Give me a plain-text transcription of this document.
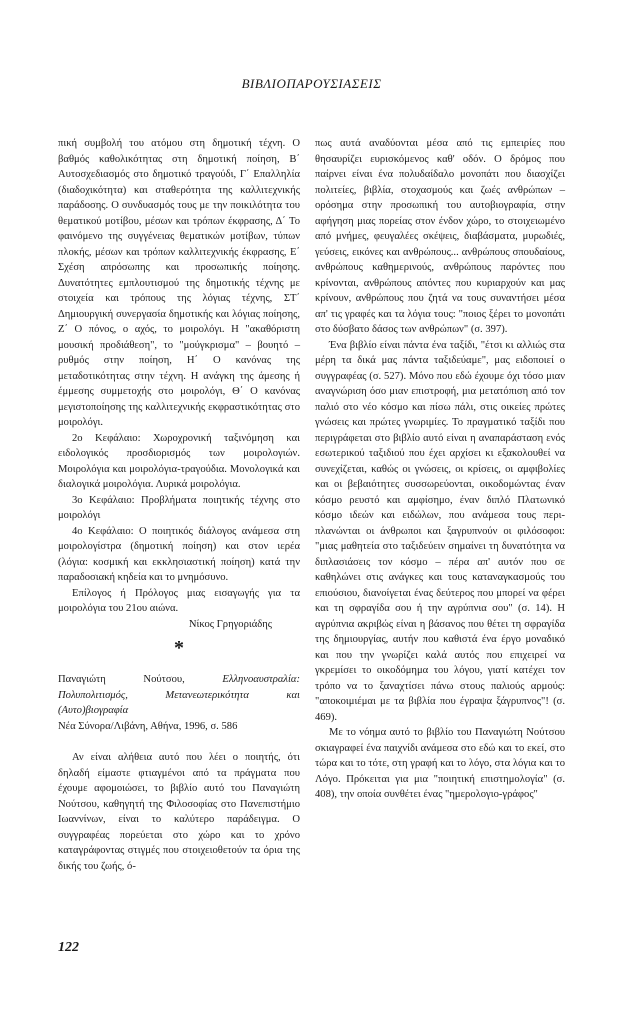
ΒΙΒΛΙΟΠΑΡΟΥΣΙΑΣΕΙΣ

πική συμβολή του ατόμου στη δημοτική τέχνη. Ο βαθμός καθολικότητας στη δημοτική ποίηση, Β΄ Αυτοσχεδιασμός στο δημοτικό τραγούδι, Γ΄ Επαλληλία (διαδοχικότητα) και σταθερότητα της καλλιτεχνικής παράδοσης. Ο συνδυασμός τους με την ποικιλότητα του θεματικού μοτίβου, μέσων και τρόπων έκφρασης, Δ΄ Το φαινόμενο της συγγένειας θεματικών μοτίβων, τύπων πλοκής, μέσων και τρόπων καλλιτεχνικής έκφρασης, Ε΄ Σχέση απρόσωπης και προσωπικής ποίησης. Δυνατότητες εμπλουτισμού της δημοτικής τέχνης με στοιχεία και τρόπους της λόγιας τέχνης, ΣΤ΄ Δημιουργική συνεργασία δημοτικής και λόγιας ποίησης, Ζ΄ Ο πόνος, ο αχός, το μοιρολόγι. Η "ακαθόριστη μουσική προδιάθεση", το "μούγκρισμα" – βουητό – ρυθμός στην ποίηση, Η΄ Ο κανόνας της μεταδοτικότητας στην τέχνη. Η ανάγκη της άμεσης ή έμμεσης συμμετοχής στο μοιρολόγι, Θ΄ Ο κανόνας μεγιστοποίησης της καλλιτεχνικής εκφραστικότητας στο μοιρολόγι.

2ο Κεφάλαιο: Χωροχρονική ταξινόμηση και ειδολογικός προσδιορισμός των μοιρολογιών. Μοιρολόγια και μοιρολόγια-τραγούδια. Μονολογικά και διαλογικά μοιρολόγια. Λυρικά μοιρολόγια.

3ο Κεφάλαιο: Προβλήματα ποιητικής τέχνης στο μοιρολόγι

4ο Κεφάλαιο: Ο ποιητικός διάλογος ανάμεσα στη μοιρολογίστρα (δημοτική ποίηση) και στον ιερέα (λόγια: κοσμική και εκκλησιαστική ποίηση) κατά την παραδοσιακή κηδεία και το μνημόσυνο.

Επίλογος ή Πρόλογος μιας εισαγωγής για τα μοιρολόγια του 21ου αιώνα.

Νίκος Γρηγοριάδης

*
Παναγιώτη Νούτσου, Ελληνοαυστραλία: Πολυπολιτισμός, Μετανεωτερικότητα και (Αυτο)βιογραφία
Νέα Σύνορα/Λιβάνη, Αθήνα, 1996, σ. 586

Αν είναι αλήθεια αυτό που λέει ο ποιητής, ότι δηλαδή είμαστε φτιαγμένοι από τα πράγματα που έχουμε αφομοιώσει, το βιβλίο αυτό του Παναγιώτη Νούτσου, καθηγητή της Φιλοσοφίας στο Πανεπιστήμιο Ιωαννίνων, είναι το καλύτερο παράδειγμα. Ο συγγραφέας πορεύεται στο χώρο και το χρόνο καταγράφοντας στιγμές που στοιχειοθετούν τα όρια της δικής του ζωής, ό-

πως αυτά αναδύονται μέσα από τις εμπειρίες που θησαυρίζει ευρισκόμενος καθ' οδόν. Ο δρόμος που παίρνει είναι ένα πολυδαίδαλο μονοπάτι που διασχίζει πολιτείες, βιβλία, στοχασμούς και ζωές ανθρώπων – ορόσημα στην προσωπική του αυτοβιογραφία, στην αφήγηση μιας πορείας στον ένδον χώρο, το στοιχειωμένο από μνήμες, φευγαλέες σκέψεις, διαβάσματα, μυρωδιές, γεύσεις, εικόνες και ανθρώπους... ανθρώπους σπουδαίους, ανθρώπους καθημερινούς, ανθρώπους παρόντες που κρίνονται, ανθρώπους απόντες που κυριαρχούν και μας κρίνουν, ανθρώπους που ζητά να τους συναντήσει μέσα απ' τις γραφές και τα λόγια τους: "ποιος ξέρει το μονοπάτι στο δύσβατο δάσος των ανθρώπων" (σ. 397).

Ένα βιβλίο είναι πάντα ένα ταξίδι, "έτσι κι αλλιώς στα μέρη τα δικά μας πάντα ταξιδεύαμε", μας ειδοποιεί ο συγγραφέας (σ. 527). Μόνο που εδώ έχουμε όχι τόσο μιαν αναγνώριση όσο μιαν επιστροφή, μια μετατόπιση από τον παλιό στο νέο κόσμο και πίσω πάλι, στις οικείες πρώτες γνώσεις και πρώτες γνωριμίες. Το πραγματικό ταξίδι που περιγράφεται στο βιβλίο αυτό είναι η αναπαράσταση ενός εσωτερικού ταξιδιού που έχει αρχίσει κι εξακολουθεί να συνεχίζεται, καθώς οι γνώσεις, οι κρίσεις, οι αμφιβολίες και οι βεβαιότητες συσσωρεύονται, οικοδομώντας έναν κόσμο ρευστό και αμφίσημο, έναν διπλό Πλατωνικό κόσμο ιδεών και ειδώλων, που ανάμεσα τους περι-πλανώνται οι άνθρωποι και ξαγρυπνούν οι φιλόσοφοι: "μιας μαθητεία στο ταξιδεύειν σημαίνει τη δυνατότητα να διπλασιάσεις τον κόσμο – πέρα απ' αυτόν που σε καθηλώνει στις ανάγκες και τους καταναγκασμούς του επιούσιου, διανοίγεται ένας δεύτερος που μπορεί να φέρει και τη σφραγίδα σου ή την αγρύπνια σου" (σ. 14). Η αγρύπνια ακριβώς είναι η βάσανος που θέτει τη σφραγίδα της δημιουργίας, αυτήν που καθιστά ένα έργο μοναδικό και που την γνωρίζει καλά αυτός που επιχειρεί να γκρεμίσει το οικοδόμημα του λόγου, γιατί κατέχει τον τρόπο να το ξαναχτίσει πάνω στους παλιούς αρμούς: "αποκοιμιέμαι με τα βιβλία που έγραψα ξάγρυπνος"! (σ. 469).

Με το νόημα αυτό το βιβλίο του Παναγιώτη Νούτσου σκιαγραφεί ένα παιχνίδι ανάμεσα στο εδώ και το εκεί, στο τώρα και το τότε, στη γραφή και το λόγο, στα λόγια και το Λόγο. Πρόκειται για μια "ποιητική επιστημολογία" (σ. 408), την οποία συνθέτει ένας "ημερολογιο-γράφος"

122
